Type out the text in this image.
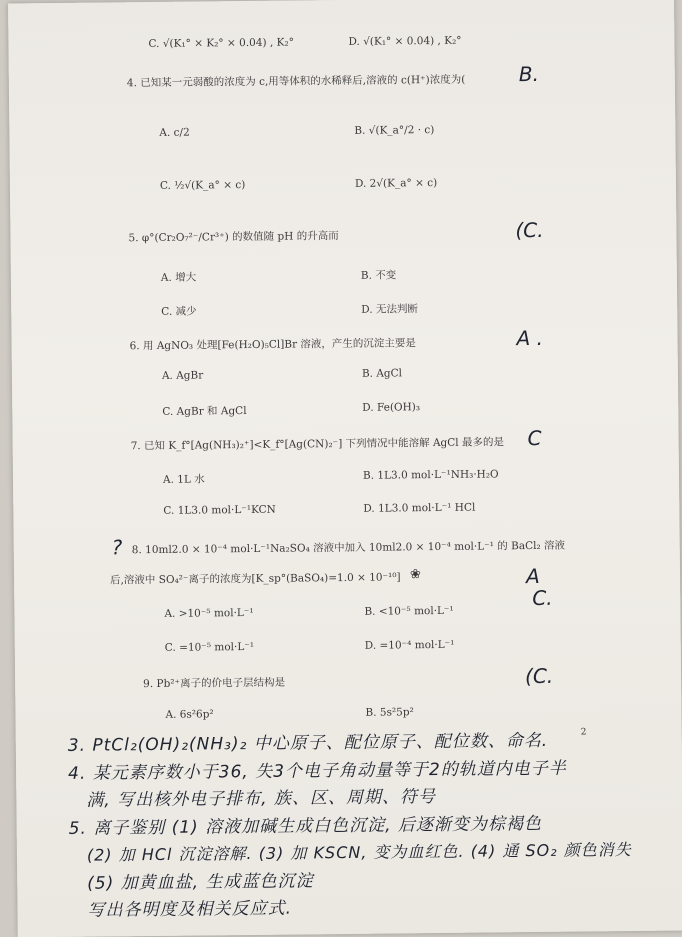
C. √(K₁° × K₂° × 0.04) , K₂°	D. √(K₁° × 0.04) , K₂°
4. 已知某一元弱酸的浓度为 c,用等体积的水稀释后,溶液的 c(H⁺)浓度为(	B.
A. c/2	B. √(K_a°/2 · c)
C. ½√(K_a° × c)	D. 2√(K_a° × c)
5. φ°(Cr₂O₇²⁻/Cr³⁺) 的数值随 pH 的升高而	(C.
A. 增大	B. 不变
C. 减少	D. 无法判断
6. 用 AgNO₃ 处理[Fe(H₂O)₅Cl]Br 溶液，产生的沉淀主要是	A .
A. AgBr	B. AgCl
C. AgBr 和 AgCl	D. Fe(OH)₃
7. 已知 K_f°[Ag(NH₃)₂⁺]<K_f°[Ag(CN)₂⁻] 下列情况中能溶解 AgCl 最多的是 C
A. 1L 水	B. 1L3.0 mol·L⁻¹NH₃·H₂O
C. 1L3.0 mol·L⁻¹KCN	D. 1L3.0 mol·L⁻¹ HCl
? 8. 10ml2.0 × 10⁻⁴ mol·L⁻¹Na₂SO₄ 溶液中加入 10ml2.0 × 10⁻⁴ mol·L⁻¹ 的 BaCl₂ 溶液
后,溶液中 SO₄²⁻离子的浓度为[K_sp°(BaSO₄)=1.0 × 10⁻¹⁰] ❀	A
C.
A. >10⁻⁵ mol·L⁻¹	B. <10⁻⁵ mol·L⁻¹
C. =10⁻⁵ mol·L⁻¹	D. =10⁻⁴ mol·L⁻¹
9. Pb²⁺离子的价电子层结构是	(C.
A. 6s²6p²	B. 5s²5p²
3. PtCl₂(OH)₂(NH₃)₂ 中心原子、配位原子、配位数、命名.	2
4. 某元素序数小于36, 失3个电子角动量等于2的轨道内电子半
满, 写出核外电子排布, 族、区、周期、符号
5. 离子鉴别 (1) 溶液加碱生成白色沉淀, 后逐渐变为棕褐色
(2) 加 HCl 沉淀溶解. (3) 加 KSCN, 变为血红色. (4) 通 SO₂ 颜色消失
(5) 加黄血盐, 生成蓝色沉淀
写出各明度及相关反应式.
